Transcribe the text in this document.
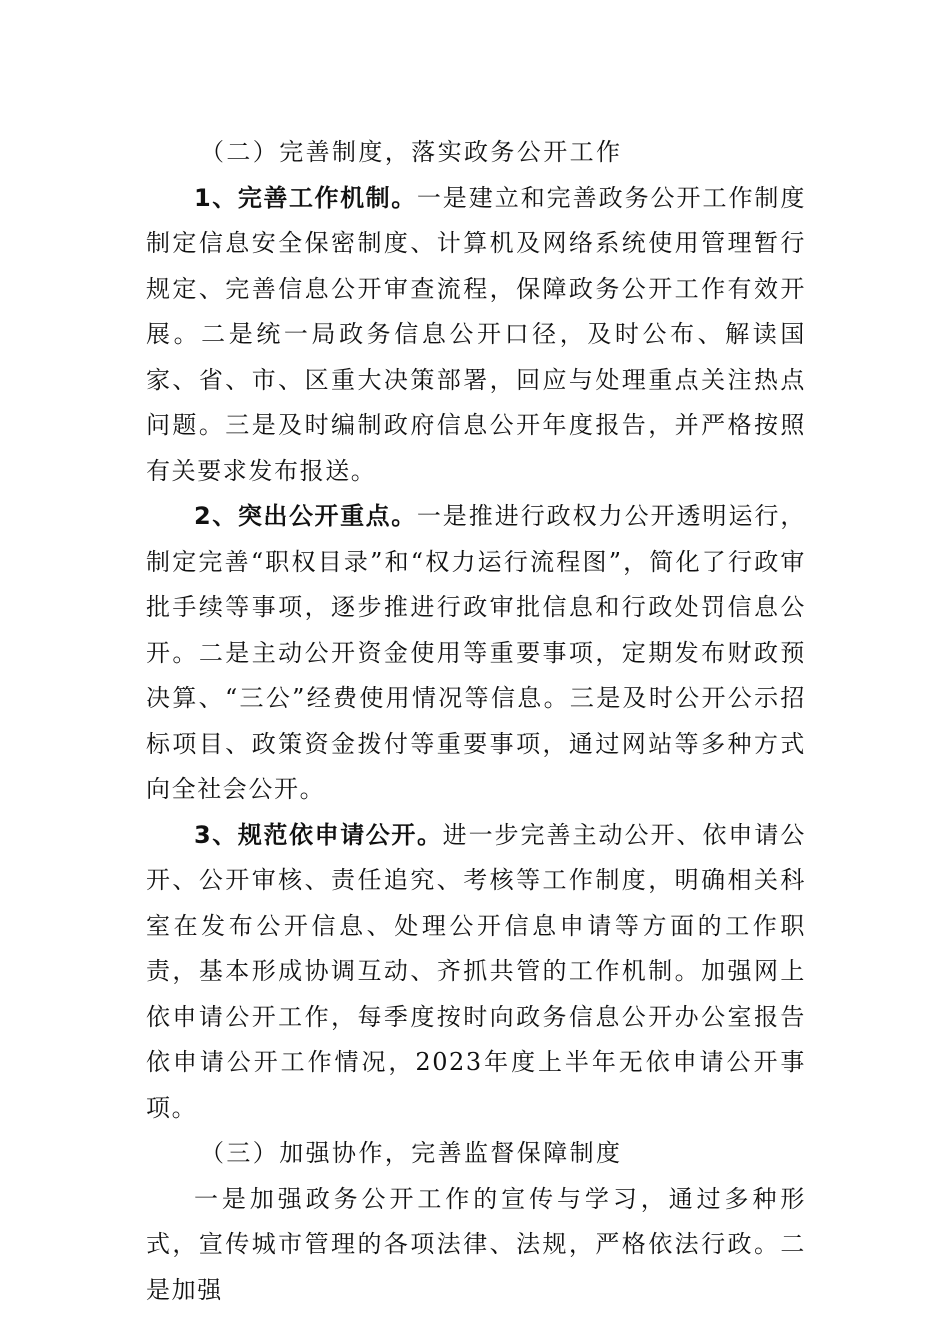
（二）完善制度，落实政务公开工作

1、完善工作机制。一是建立和完善政务公开工作制度制定信息安全保密制度、计算机及网络系统使用管理暂行规定、完善信息公开审查流程，保障政务公开工作有效开展。二是统一局政务信息公开口径，及时公布、解读国家、省、市、区重大决策部署，回应与处理重点关注热点问题。三是及时编制政府信息公开年度报告，并严格按照有关要求发布报送。

2、突出公开重点。一是推进行政权力公开透明运行，制定完善“职权目录”和“权力运行流程图”，简化了行政审批手续等事项，逐步推进行政审批信息和行政处罚信息公开。二是主动公开资金使用等重要事项，定期发布财政预决算、“三公”经费使用情况等信息。三是及时公开公示招标项目、政策资金拨付等重要事项，通过网站等多种方式向全社会公开。

3、规范依申请公开。进一步完善主动公开、依申请公开、公开审核、责任追究、考核等工作制度，明确相关科室在发布公开信息、处理公开信息申请等方面的工作职责，基本形成协调互动、齐抓共管的工作机制。加强网上依申请公开工作，每季度按时向政务信息公开办公室报告依申请公开工作情况，2023年度上半年无依申请公开事项。

（三）加强协作，完善监督保障制度

一是加强政务公开工作的宣传与学习，通过多种形式，宣传城市管理的各项法律、法规，严格依法行政。二是加强
